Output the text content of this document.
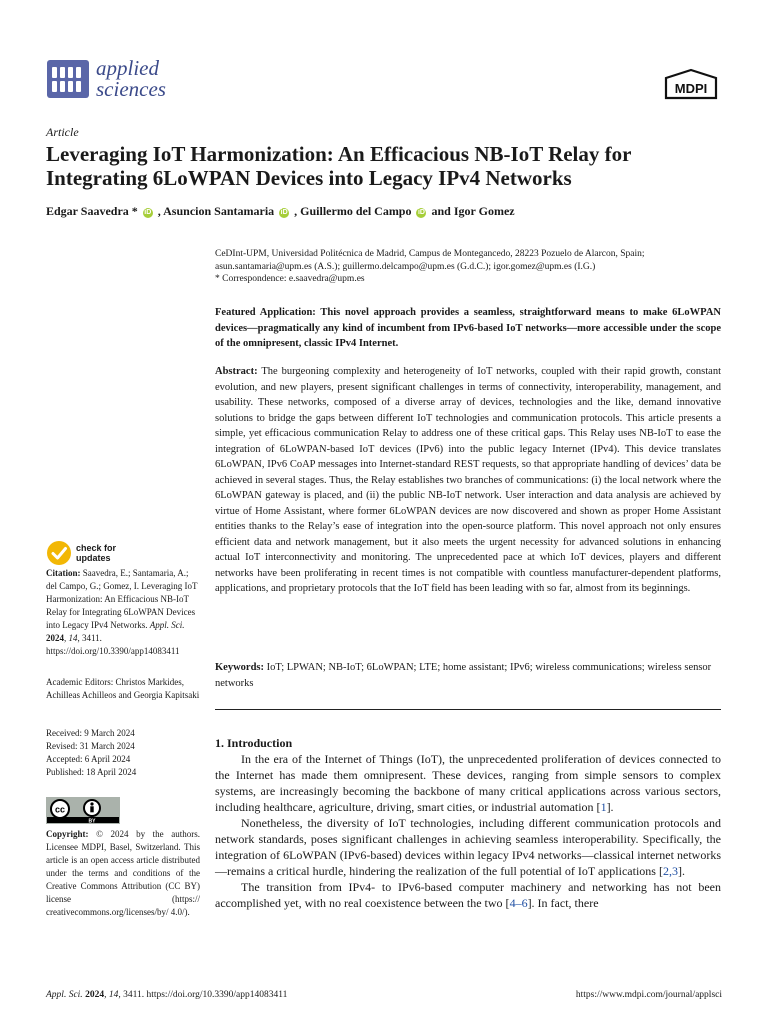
applied
sciences	MDPI
Article
Leveraging IoT Harmonization: An Efficacious NB-IoT Relay for Integrating 6LoWPAN Devices into Legacy IPv4 Networks
Edgar Saavedra * iD , Asuncion Santamaria iD , Guillermo del Campo iD and Igor Gomez

CeDInt-UPM, Universidad Politécnica de Madrid, Campus de Montegancedo, 28223 Pozuelo de Alarcon, Spain;

asun.santamaria@upm.es (A.S.); guillermo.delcampo@upm.es (G.d.C.); igor.gomez@upm.es (I.G.)

* Correspondence: e.saavedra@upm.es

Featured Application: This novel approach provides a seamless, straightforward means to make 6LoWPAN devices—pragmatically any kind of incumbent from IPv6-based IoT networks—more accessible under the scope of the omnipresent, classic IPv4 Internet.

Abstract: The burgeoning complexity and heterogeneity of IoT networks, coupled with their rapid growth, constant evolution, and new players, present significant challenges in terms of connectivity, interoperability, management, and usability. These networks, composed of a diverse array of devices, technologies and the like, demand innovative solutions to bridge the gaps between different IoT technologies and communication protocols. This article presents a simple, yet efficacious communication Relay to address one of these critical gaps. This Relay uses NB-IoT to ease the integration of 6LoWPAN-based IoT devices (IPv6) into the public legacy Internet (IPv4). This device translates 6LoWPAN, IPv6 CoAP messages into Internet-standard REST requests, so that appropriate handling of devices’ data be achieved in several stages. Thus, the Relay establishes two branches of communications: (i) the local network where the 6LoWPAN gateway is placed, and (ii) the public NB-IoT network. User interaction and data analysis are achieved by virtue of Home Assistant, where former 6LoWPAN devices are now discovered and shown as proper Home Assistant entities thanks to the Relay’s ease of integration into the open-source platform. This novel approach not only ensures efficient data and network management, but it also meets the urgent necessity for advanced solutions in enhancing actual IoT interconnectivity and monitoring. The unprecedented pace at which IoT devices, players and different networks have been proliferating in recent times is not compatible with countless manufacturer-dependent platforms, applications, and proprietary protocols that the IoT field has been leading with so far, almost from its beginnings.

Keywords: IoT; LPWAN; NB-IoT; 6LoWPAN; LTE; home assistant; IPv6; wireless communications; wireless sensor networks

1. Introduction

In the era of the Internet of Things (IoT), the unprecedented proliferation of devices connected to the Internet has made them omnipresent. These devices, ranging from simple sensors to complex systems, are increasingly becoming the backbone of many critical applications across various sectors, including healthcare, agriculture, driving, smart cities, or industrial automation [1].

Nonetheless, the diversity of IoT technologies, including different communication protocols and network standards, poses significant challenges in achieving seamless interoperability. Specifically, the integration of 6LoWPAN (IPv6-based) devices within legacy IPv4 networks—classical internet networks—remains a critical hurdle, hindering the realization of the full potential of IoT applications [2,3].

The transition from IPv4- to IPv6-based computer machinery and networking has not been accomplished yet, with no real coexistence between the two [4–6]. In fact, there

check for
updates

Citation: Saavedra, E.; Santamaria, A.; del Campo, G.; Gomez, I. Leveraging IoT Harmonization: An Efficacious NB-IoT Relay for Integrating 6LoWPAN Devices into Legacy IPv4 Networks. Appl. Sci. 2024, 14, 3411. https://doi.org/10.3390/app14083411

Academic Editors: Christos Markides, Achilleas Achilleos and Georgia Kapitsaki

Received: 9 March 2024

Revised: 31 March 2024

Accepted: 6 April 2024

Published: 18 April 2024

cc
BY

Copyright: © 2024 by the authors. Licensee MDPI, Basel, Switzerland. This article is an open access article distributed under the terms and conditions of the Creative Commons Attribution (CC BY) license (https:// creativecommons.org/licenses/by/ 4.0/).

Appl. Sci. 2024, 14, 3411. https://doi.org/10.3390/app14083411	https://www.mdpi.com/journal/applsci
